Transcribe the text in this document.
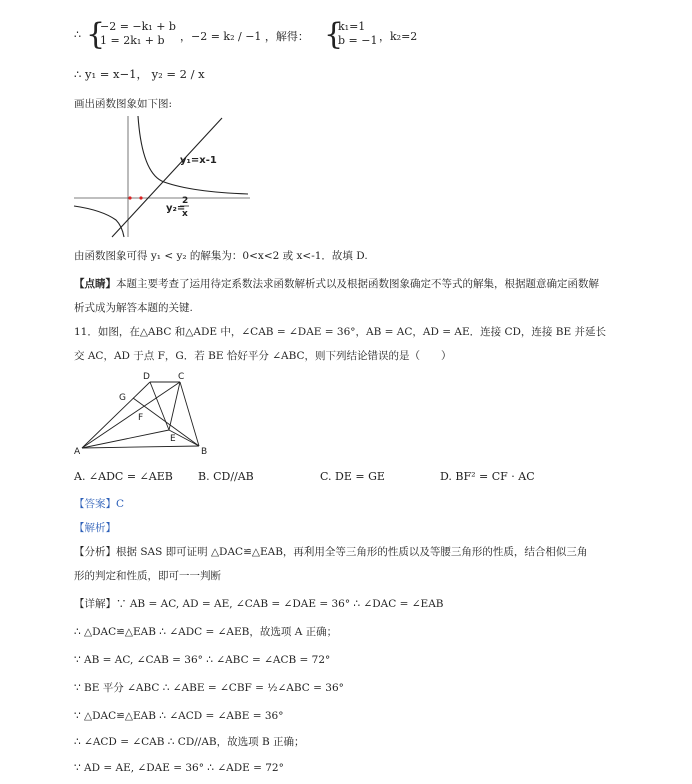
∴ {
−2 = −k₁ + b
1 = 2k₁ + b	，−2 = k₂ / −1 ，解得： {
k₁=1
b = −1 ，k₂=2
∴ y₁ = x−1， y₂ = 2 / x
画出函数图象如下图:
y₁=x-1
y₂=
2
x
由函数图象可得 y₁ < y₂ 的解集为：0<x<2 或 x<-1．故填 D.
【点睛】本题主要考查了运用待定系数法求函数解析式以及根据函数图象确定不等式的解集，根据题意确定函数解
析式成为解答本题的关键.
11．如图，在△ABC 和△ADE 中，∠CAB = ∠DAE = 36°，AB = AC，AD = AE．连接 CD，连接 BE 并延长
交 AC，AD 于点 F，G．若 BE 恰好平分 ∠ABC，则下列结论错误的是（　　）
A	B
C
D
E
F
G
A. ∠ADC = ∠AEB B. CD//AB	C. DE = GE	D. BF² = CF · AC
【答案】C
【解析】
【分析】根据 SAS 即可证明 △DAC≌△EAB，再利用全等三角形的性质以及等腰三角形的性质，结合相似三角
形的判定和性质，即可一一判断
【详解】∵ AB = AC, AD = AE, ∠CAB = ∠DAE = 36° ∴ ∠DAC = ∠EAB
∴ △DAC≌△EAB ∴ ∠ADC = ∠AEB，故选项 A 正确；
∵ AB = AC, ∠CAB = 36° ∴ ∠ABC = ∠ACB = 72°
∵ BE 平分 ∠ABC ∴ ∠ABE = ∠CBF = ½∠ABC = 36°
∵ △DAC≌△EAB ∴ ∠ACD = ∠ABE = 36°
∴ ∠ACD = ∠CAB ∴ CD//AB，故选项 B 正确；
∵ AD = AE, ∠DAE = 36° ∴ ∠ADE = 72°
